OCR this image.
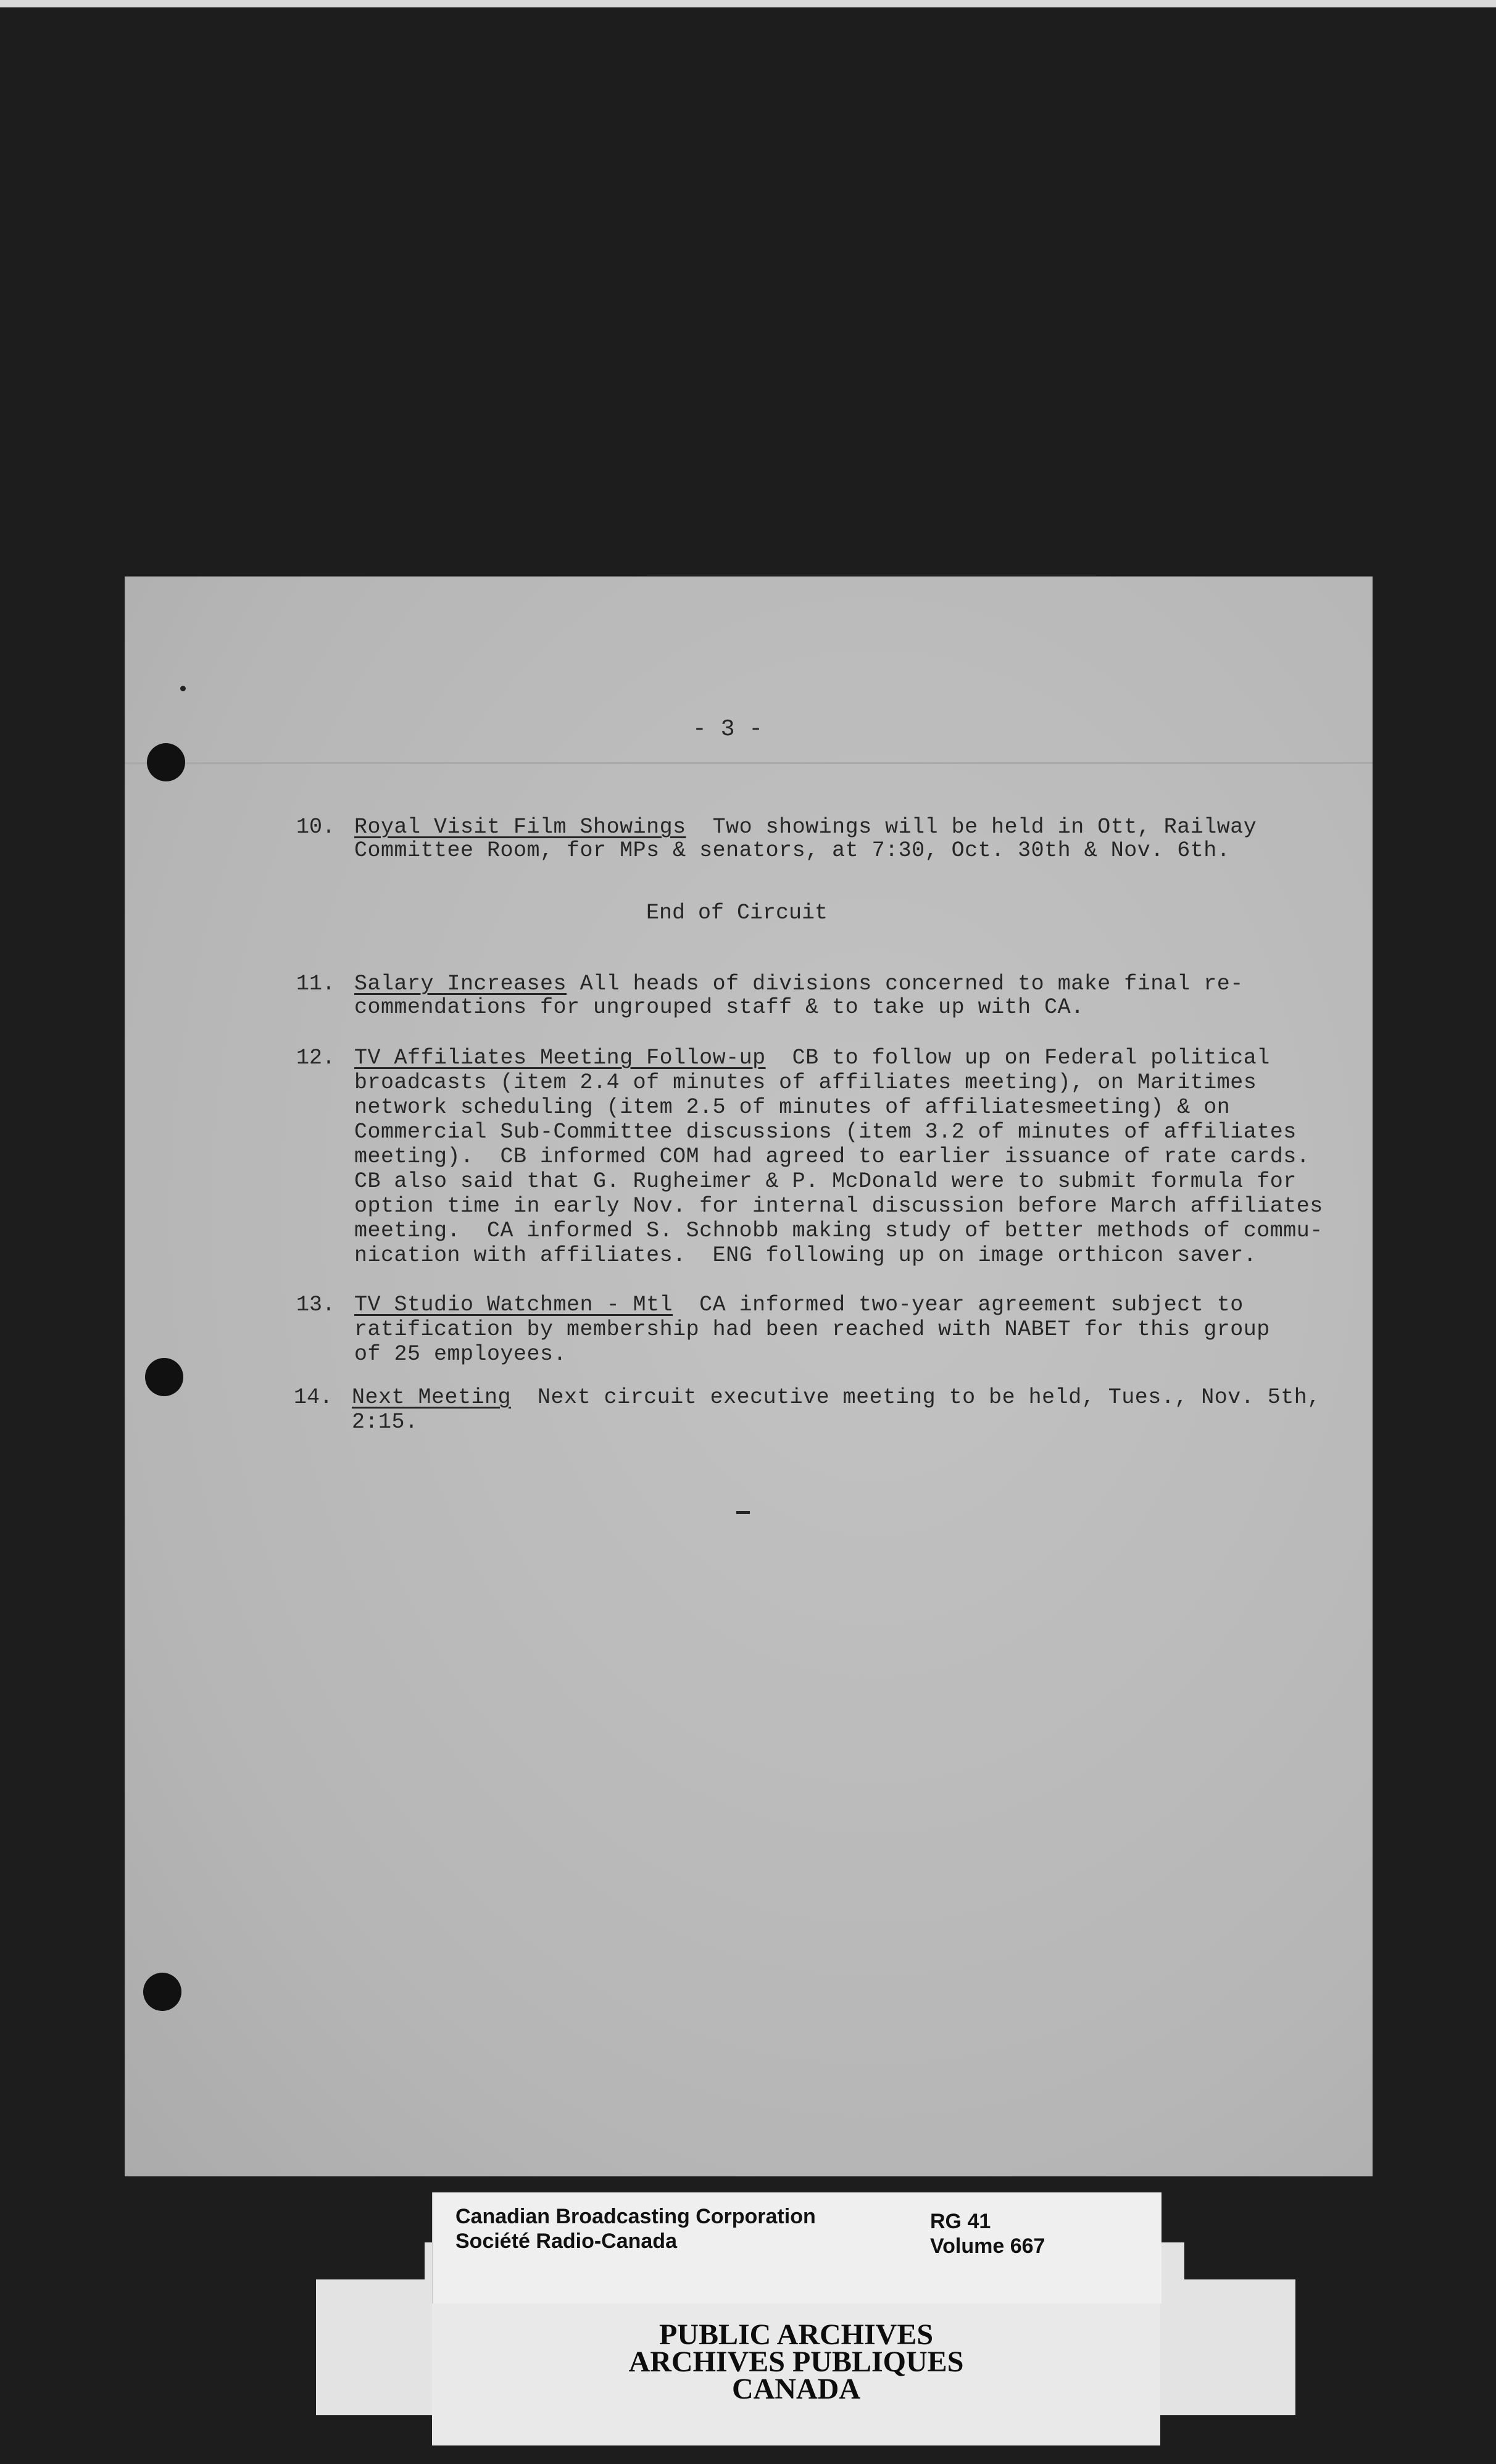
- 3 -
10. Royal Visit Film Showings  Two showings will be held in Ott, Railway
Committee Room, for MPs & senators, at 7:30, Oct. 30th & Nov. 6th.
End of Circuit
11. Salary Increases All heads of divisions concerned to make final re-
commendations for ungrouped staff & to take up with CA.
12. TV Affiliates Meeting Follow-up  CB to follow up on Federal political
broadcasts (item 2.4 of minutes of affiliates meeting), on Maritimes
network scheduling (item 2.5 of minutes of affiliatesmeeting) & on
Commercial Sub-Committee discussions (item 3.2 of minutes of affiliates
meeting).  CB informed COM had agreed to earlier issuance of rate cards.
CB also said that G. Rugheimer & P. McDonald were to submit formula for
option time in early Nov. for internal discussion before March affiliates
meeting.  CA informed S. Schnobb making study of better methods of commu-
nication with affiliates.  ENG following up on image orthicon saver.
13. TV Studio Watchmen - Mtl  CA informed two-year agreement subject to
ratification by membership had been reached with NABET for this group
of 25 employees.
14. Next Meeting  Next circuit executive meeting to be held, Tues., Nov. 5th,
2:15.
Canadian Broadcasting Corporation
Société Radio-Canada
RG 41
Volume 667
PUBLIC ARCHIVES
ARCHIVES PUBLIQUES
CANADA
